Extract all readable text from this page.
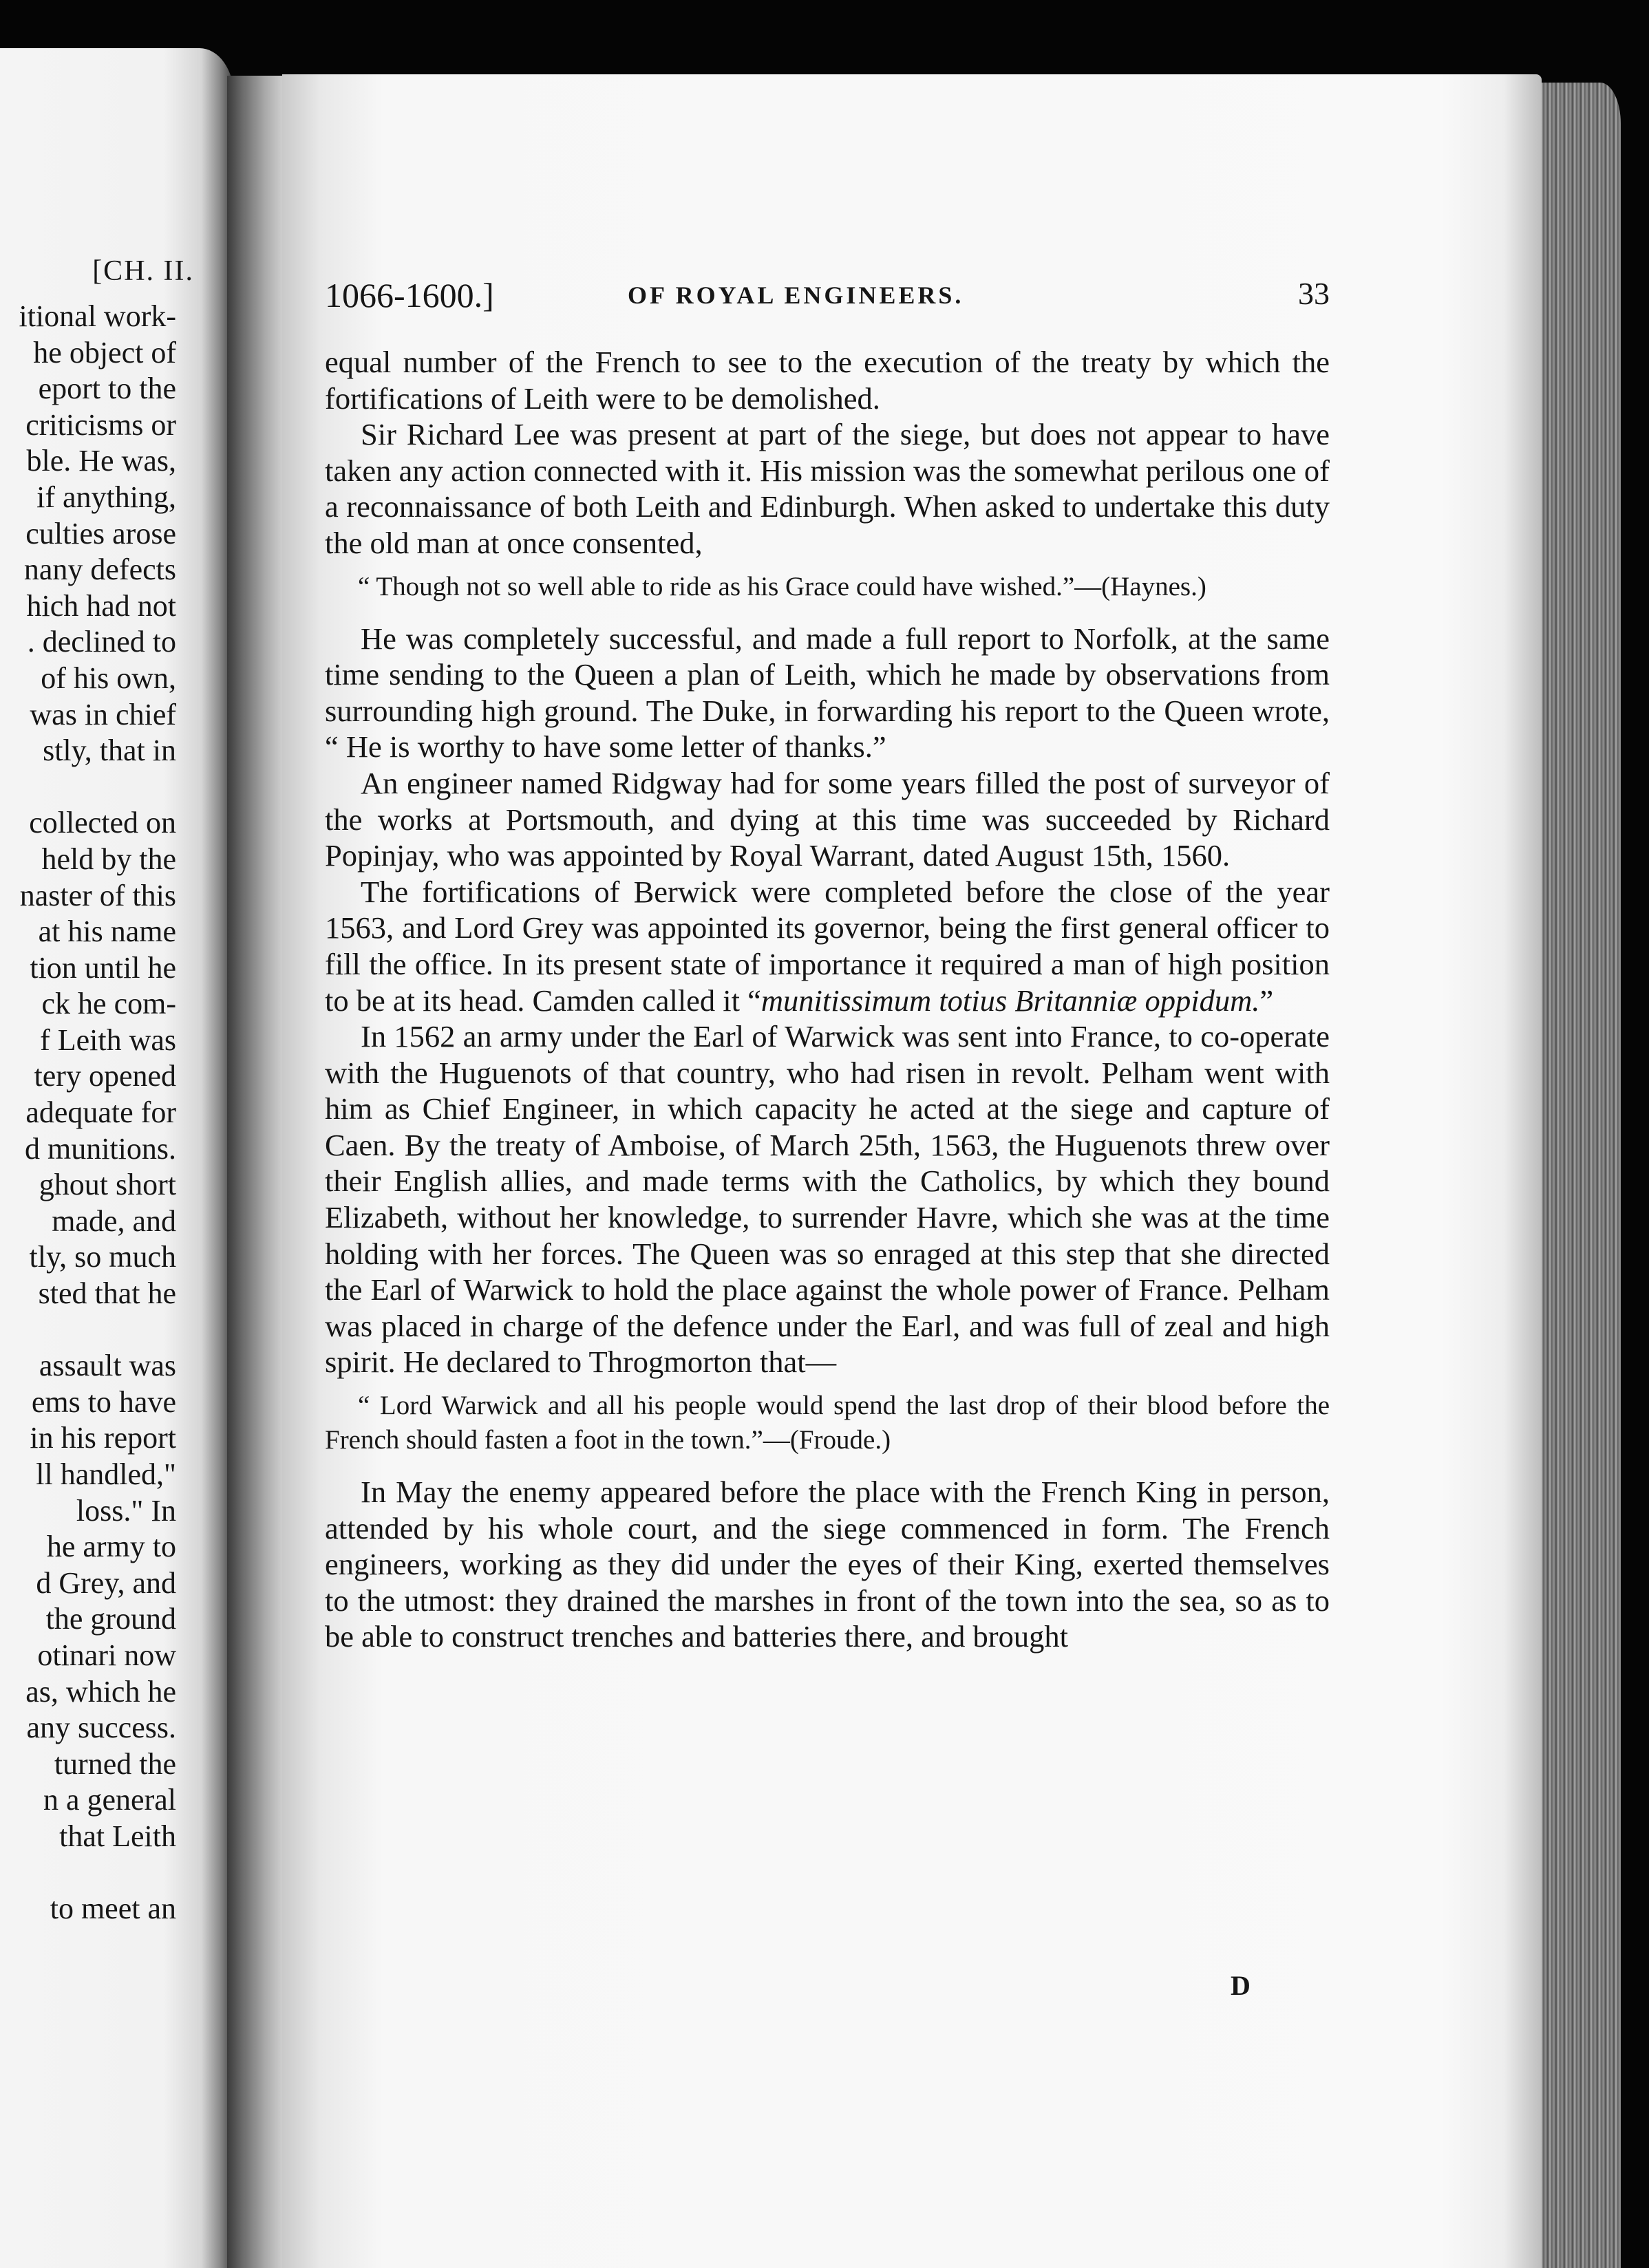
[CH. II.
itional work-
he object of
eport to the
criticisms or
ble. He was,
if anything,
culties arose
nany defects
hich had not
. declined to
of his own,
was in chief
stly, that in
collected on
held by the
naster of this
at his name
tion until he
ck he com-
f Leith was
tery opened
adequate for
d munitions.
ghout short
made, and
tly, so much
sted that he
assault was
ems to have
in his report
ll handled,"
loss." In
he army to
d Grey, and
the ground
otinari now
as, which he
any success.
turned the
n a general
that Leith
to meet an
1066-1600.]	OF ROYAL ENGINEERS.	33

equal number of the French to see to the execution of the treaty by which the fortifications of Leith were to be demolished.

Sir Richard Lee was present at part of the siege, but does not appear to have taken any action connected with it. His mission was the somewhat perilous one of a reconnaissance of both Leith and Edinburgh. When asked to undertake this duty the old man at once consented,

“ Though not so well able to ride as his Grace could have wished.”—(Haynes.)

He was completely successful, and made a full report to Norfolk, at the same time sending to the Queen a plan of Leith, which he made by observations from surrounding high ground. The Duke, in forwarding his report to the Queen wrote, “ He is worthy to have some letter of thanks.”

An engineer named Ridgway had for some years filled the post of surveyor of the works at Portsmouth, and dying at this time was succeeded by Richard Popinjay, who was appointed by Royal Warrant, dated August 15th, 1560.

The fortifications of Berwick were completed before the close of the year 1563, and Lord Grey was appointed its governor, being the first general officer to fill the office. In its present state of importance it required a man of high position to be at its head. Camden called it “munitissimum totius Britanniæ oppidum.”

In 1562 an army under the Earl of Warwick was sent into France, to co-operate with the Huguenots of that country, who had risen in revolt. Pelham went with him as Chief Engineer, in which capacity he acted at the siege and capture of Caen. By the treaty of Amboise, of March 25th, 1563, the Huguenots threw over their English allies, and made terms with the Catholics, by which they bound Elizabeth, without her knowledge, to surrender Havre, which she was at the time holding with her forces. The Queen was so enraged at this step that she directed the Earl of Warwick to hold the place against the whole power of France. Pelham was placed in charge of the defence under the Earl, and was full of zeal and high spirit. He declared to Throgmorton that—

“ Lord Warwick and all his people would spend the last drop of their blood before the French should fasten a foot in the town.”—(Froude.)

In May the enemy appeared before the place with the French King in person, attended by his whole court, and the siege commenced in form. The French engineers, working as they did under the eyes of their King, exerted themselves to the utmost: they drained the marshes in front of the town into the sea, so as to be able to construct trenches and batteries there, and brought

D
